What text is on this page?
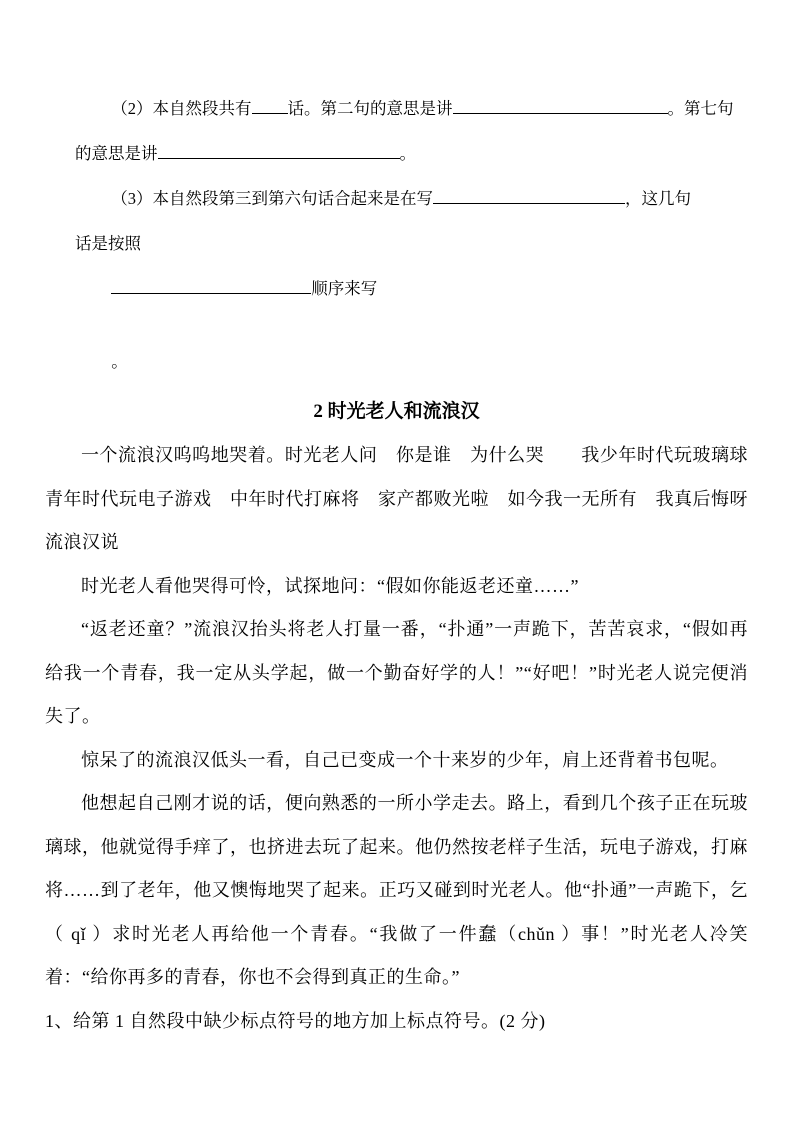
（2）本自然段共有 话。第二句的意思是讲	。第七句

的意思是讲	。

（3）本自然段第三到第六句话合起来是在写	，这几句

话是按照

顺序来写

。

2 时光老人和流浪汉

一个流浪汉呜呜地哭着。时光老人问　你是谁　为什么哭　　我少年时代玩玻璃球　青年时代玩电子游戏　中年时代打麻将　家产都败光啦　如今我一无所有　我真后悔呀　流浪汉说

时光老人看他哭得可怜，试探地问：“假如你能返老还童……”

“返老还童？”流浪汉抬头将老人打量一番，“扑通”一声跪下，苦苦哀求，“假如再给我一个青春，我一定从头学起，做一个勤奋好学的人！”“好吧！”时光老人说完便消失了。

惊呆了的流浪汉低头一看，自己已变成一个十来岁的少年，肩上还背着书包呢。

他想起自己刚才说的话，便向熟悉的一所小学走去。路上，看到几个孩子正在玩玻璃球，他就觉得手痒了，也挤进去玩了起来。他仍然按老样子生活，玩电子游戏，打麻将……到了老年，他又懊悔地哭了起来。正巧又碰到时光老人。他“扑通”一声跪下，乞（ qǐ ）求时光老人再给他一个青春。“我做了一件蠢（chǔn ）事！”时光老人冷笑着：“给你再多的青春，你也不会得到真正的生命。”

1、给第 1 自然段中缺少标点符号的地方加上标点符号。(2 分)
